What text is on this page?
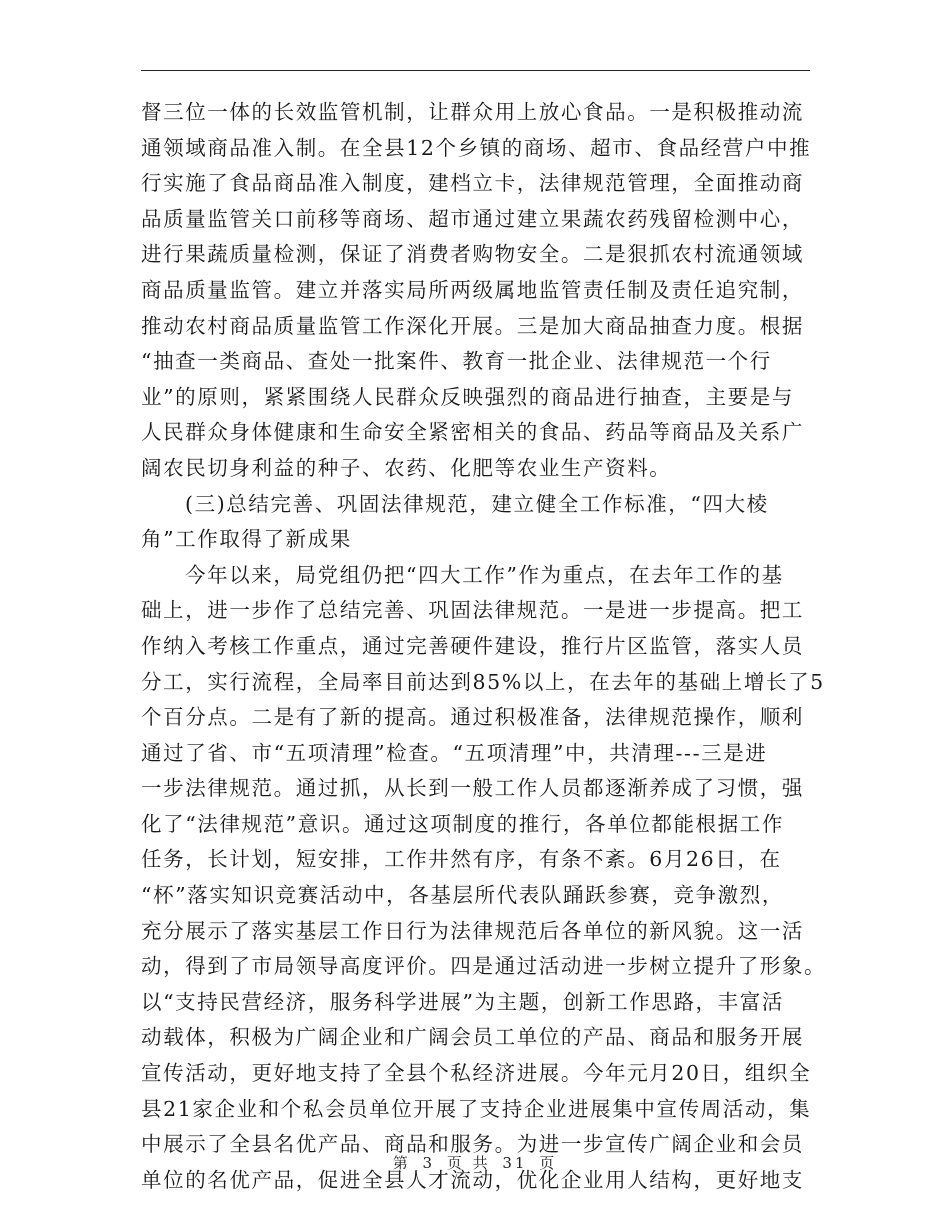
督三位一体的长效监管机制，让群众用上放心食品。一是积极推动流
通领域商品准入制。在全县12个乡镇的商场、超市、食品经营户中推
行实施了食品商品准入制度，建档立卡，法律规范管理，全面推动商
品质量监管关口前移等商场、超市通过建立果蔬农药残留检测中心，
进行果蔬质量检测，保证了消费者购物安全。二是狠抓农村流通领域
商品质量监管。建立并落实局所两级属地监管责任制及责任追究制，
推动农村商品质量监管工作深化开展。三是加大商品抽查力度。根据
“抽查一类商品、查处一批案件、教育一批企业、法律规范一个行
业”的原则，紧紧围绕人民群众反映强烈的商品进行抽查，主要是与
人民群众身体健康和生命安全紧密相关的食品、药品等商品及关系广
阔农民切身利益的种子、农药、化肥等农业生产资料。
(三)总结完善、巩固法律规范，建立健全工作标准，“四大棱
角”工作取得了新成果
今年以来，局党组仍把“四大工作”作为重点，在去年工作的基
础上，进一步作了总结完善、巩固法律规范。一是进一步提高。把工
作纳入考核工作重点，通过完善硬件建设，推行片区监管，落实人员
分工，实行流程，全局率目前达到85%以上，在去年的基础上增长了5
个百分点。二是有了新的提高。通过积极准备，法律规范操作，顺利
通过了省、市“五项清理”检查。“五项清理”中，共清理---三是进
一步法律规范。通过抓，从长到一般工作人员都逐渐养成了习惯，强
化了“法律规范”意识。通过这项制度的推行，各单位都能根据工作
任务，长计划，短安排，工作井然有序，有条不紊。6月26日，在
“杯”落实知识竞赛活动中，各基层所代表队踊跃参赛，竞争激烈，
充分展示了落实基层工作日行为法律规范后各单位的新风貌。这一活
动，得到了市局领导高度评价。四是通过活动进一步树立提升了形象。
以“支持民营经济，服务科学进展”为主题，创新工作思路，丰富活
动载体，积极为广阔企业和广阔会员工单位的产品、商品和服务开展
宣传活动，更好地支持了全县个私经济进展。今年元月20日，组织全
县21家企业和个私会员单位开展了支持企业进展集中宣传周活动，集
中展示了全县名优产品、商品和服务。为进一步宣传广阔企业和会员
单位的名优产品，促进全县人才流动，优化企业用人结构，更好地支
第 3 页 共 31 页
